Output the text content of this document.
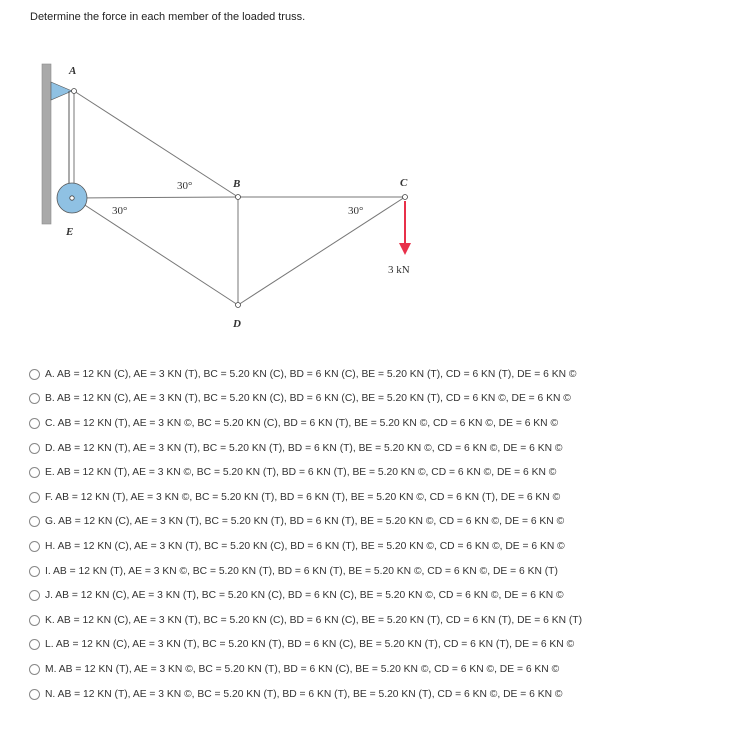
Determine the force in each member of the loaded truss.
A
B	C
D
E
30°
30°	30°
3 kN
A. AB = 12 KN (C), AE = 3 KN (T), BC = 5.20 KN (C), BD = 6 KN (C), BE = 5.20 KN (T), CD = 6 KN (T), DE = 6 KN ©
B. AB = 12 KN (C), AE = 3 KN (T), BC = 5.20 KN (C), BD = 6 KN (C), BE = 5.20 KN (T), CD = 6 KN ©, DE = 6 KN ©
C. AB = 12 KN (T), AE = 3 KN ©, BC = 5.20 KN (C), BD = 6 KN (T), BE = 5.20 KN ©, CD = 6 KN ©, DE = 6 KN ©
D. AB = 12 KN (T), AE = 3 KN (T), BC = 5.20 KN (T), BD = 6 KN (T), BE = 5.20 KN ©, CD = 6 KN ©, DE = 6 KN ©
E. AB = 12 KN (T), AE = 3 KN ©, BC = 5.20 KN (T), BD = 6 KN (T), BE = 5.20 KN ©, CD = 6 KN ©, DE = 6 KN ©
F. AB = 12 KN (T), AE = 3 KN ©, BC = 5.20 KN (T), BD = 6 KN (T), BE = 5.20 KN ©, CD = 6 KN (T), DE = 6 KN ©
G. AB = 12 KN (C), AE = 3 KN (T), BC = 5.20 KN (T), BD = 6 KN (T), BE = 5.20 KN ©, CD = 6 KN ©, DE = 6 KN ©
H. AB = 12 KN (C), AE = 3 KN (T), BC = 5.20 KN (C), BD = 6 KN (T), BE = 5.20 KN ©, CD = 6 KN ©, DE = 6 KN ©
I. AB = 12 KN (T), AE = 3 KN ©, BC = 5.20 KN (T), BD = 6 KN (T), BE = 5.20 KN ©, CD = 6 KN ©, DE = 6 KN (T)
J. AB = 12 KN (C), AE = 3 KN (T), BC = 5.20 KN (C), BD = 6 KN (C), BE = 5.20 KN ©, CD = 6 KN ©, DE = 6 KN ©
K. AB = 12 KN (C), AE = 3 KN (T), BC = 5.20 KN (C), BD = 6 KN (C), BE = 5.20 KN (T), CD = 6 KN (T), DE = 6 KN (T)
L. AB = 12 KN (C), AE = 3 KN (T), BC = 5.20 KN (T), BD = 6 KN (C), BE = 5.20 KN (T), CD = 6 KN (T), DE = 6 KN ©
M. AB = 12 KN (T), AE = 3 KN ©, BC = 5.20 KN (T), BD = 6 KN (C), BE = 5.20 KN ©, CD = 6 KN ©, DE = 6 KN ©
N. AB = 12 KN (T), AE = 3 KN ©, BC = 5.20 KN (T), BD = 6 KN (T), BE = 5.20 KN (T), CD = 6 KN ©, DE = 6 KN ©
